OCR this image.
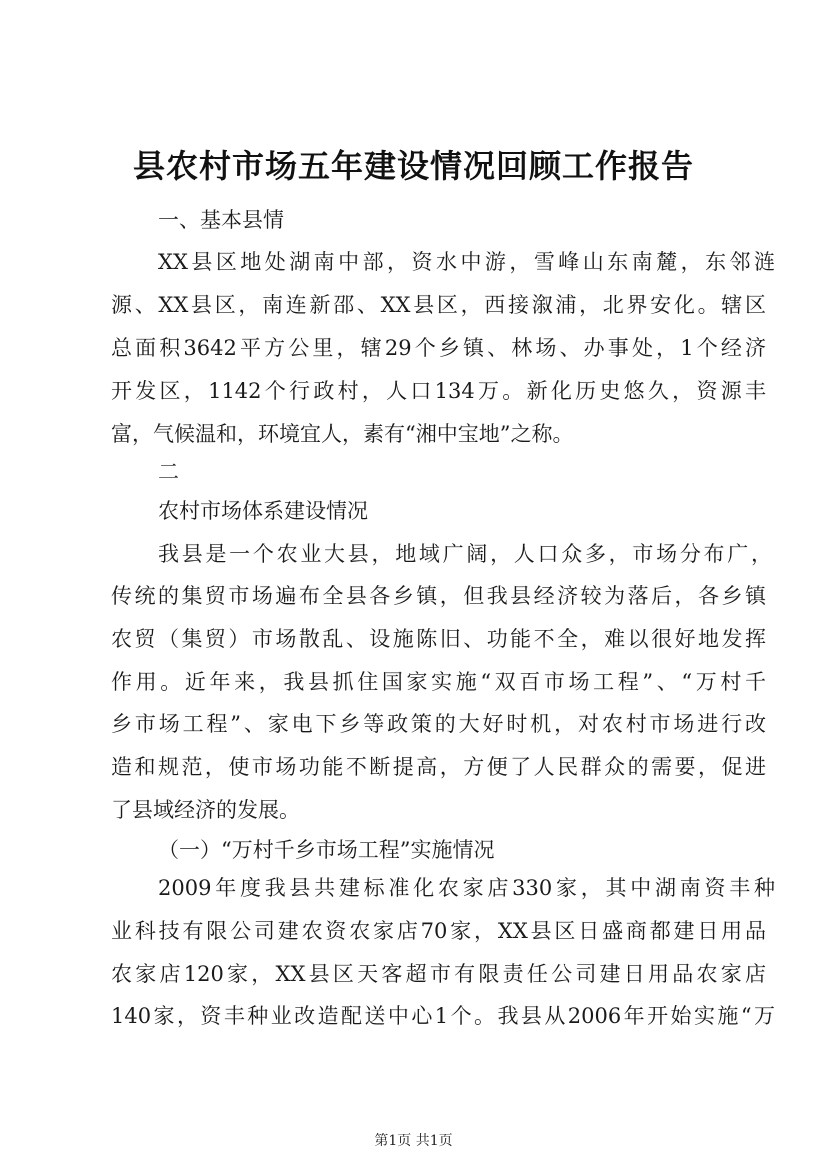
县农村市场五年建设情况回顾工作报告

一、基本县情

XX县区地处湖南中部，资水中游，雪峰山东南麓，东邻涟

源、XX县区，南连新邵、XX县区，西接溆浦，北界安化。辖区

总面积3642平方公里，辖29个乡镇、林场、办事处，1个经济

开发区，1142个行政村，人口134万。新化历史悠久，资源丰

富，气候温和，环境宜人，素有“湘中宝地”之称。

二

农村市场体系建设情况

我县是一个农业大县，地域广阔，人口众多，市场分布广，

传统的集贸市场遍布全县各乡镇，但我县经济较为落后，各乡镇

农贸（集贸）市场散乱、设施陈旧、功能不全，难以很好地发挥

作用。近年来，我县抓住国家实施“双百市场工程”、“万村千

乡市场工程”、家电下乡等政策的大好时机，对农村市场进行改

造和规范，使市场功能不断提高，方便了人民群众的需要，促进

了县域经济的发展。

（一）“万村千乡市场工程”实施情况

2009年度我县共建标准化农家店330家，其中湖南资丰种

业科技有限公司建农资农家店70家，XX县区日盛商都建日用品

农家店120家，XX县区天客超市有限责任公司建日用品农家店

140家，资丰种业改造配送中心1个。我县从2006年开始实施“万

第1页 共1页
